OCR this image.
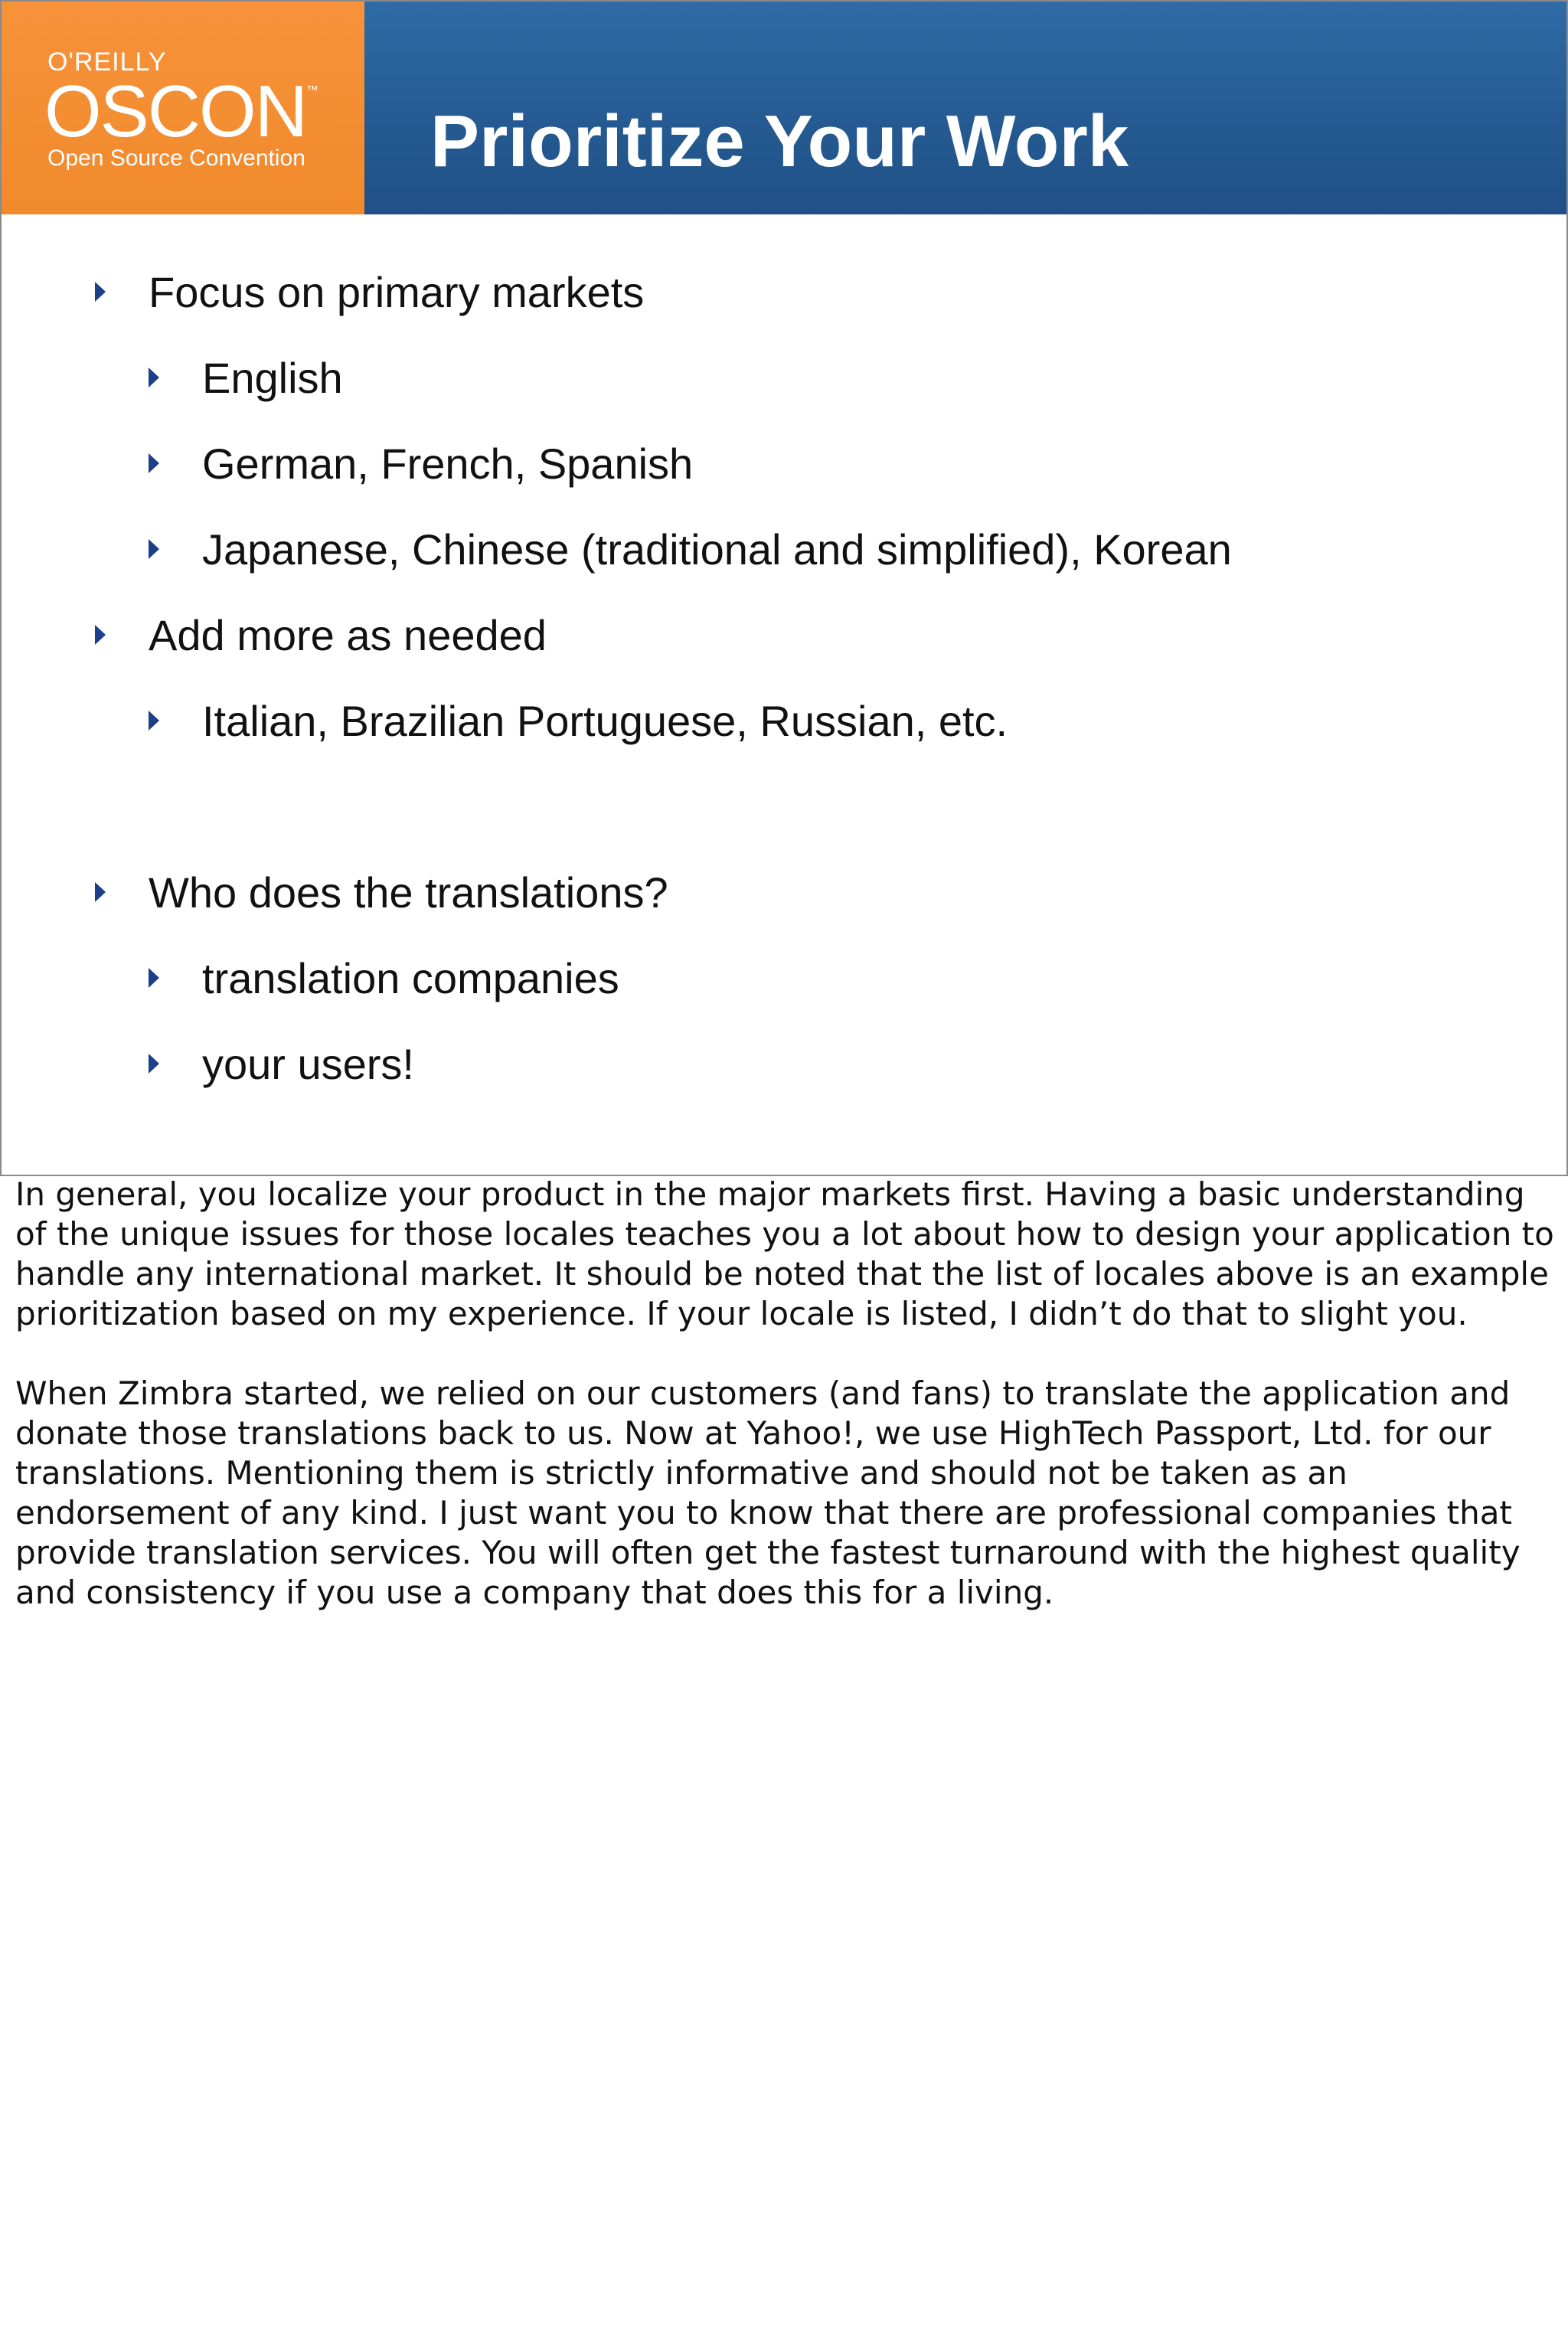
O'REILLY
OSCON ™
Open Source Convention Prioritize Your Work
Focus on primary markets
English
German, French, Spanish
Japanese, Chinese (traditional and simplified), Korean
Add more as needed
Italian, Brazilian Portuguese, Russian, etc.
Who does the translations?
translation companies
your users!

In general, you localize your product in the major markets first. Having a basic understanding of the unique issues for those locales teaches you a lot about how to design your application to handle any international market. It should be noted that the list of locales above is an example prioritization based on my experience. If your locale is listed, I didn’t do that to slight you.

When Zimbra started, we relied on our customers (and fans) to translate the application and donate those translations back to us. Now at Yahoo!, we use HighTech Passport, Ltd. for our translations. Mentioning them is strictly informative and should not be taken as an endorsement of any kind. I just want you to know that there are professional companies that provide translation services. You will often get the fastest turnaround with the highest quality and consistency if you use a company that does this for a living.
